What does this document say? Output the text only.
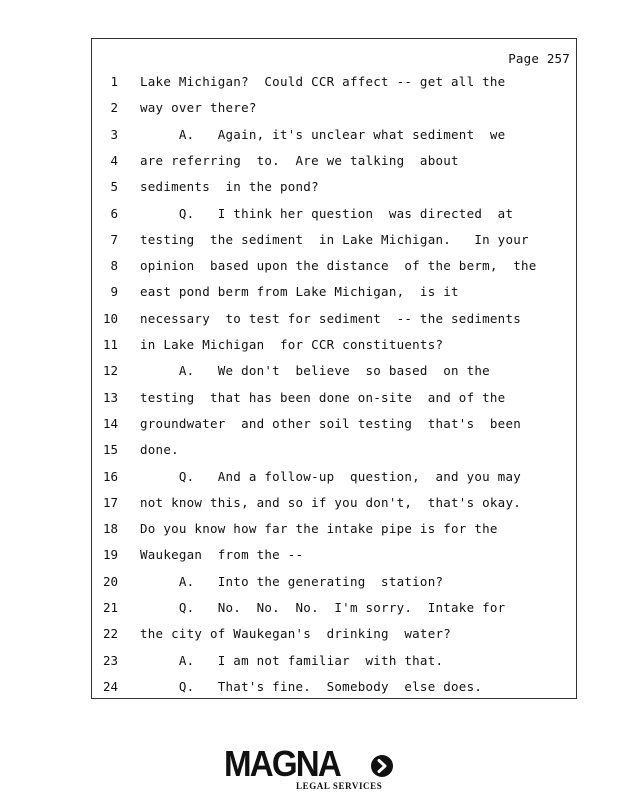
Page 257
1 Lake Michigan?  Could CCR affect -- get all the
2 way over there?
3 A.   Again, it's unclear what sediment  we
4 are referring  to.  Are we talking  about
5 sediments  in the pond?
6 Q.   I think her question  was directed  at
7 testing  the sediment  in Lake Michigan.   In your
8 opinion  based upon the distance  of the berm,  the
9 east pond berm from Lake Michigan,  is it
10 necessary  to test for sediment  -- the sediments
11 in Lake Michigan  for CCR constituents?
12 A.   We don't  believe  so based  on the
13 testing  that has been done on-site  and of the
14 groundwater  and other soil testing  that's  been
15 done.
16 Q.   And a follow-up  question,  and you may
17 not know this, and so if you don't,  that's okay.
18 Do you know how far the intake pipe is for the
19 Waukegan  from the --
20 A.   Into the generating  station?
21 Q.   No.  No.  No.  I'm sorry.  Intake for
22 the city of Waukegan's  drinking  water?
23 A.   I am not familiar  with that.
24 Q.   That's fine.  Somebody  else does.
MAGNA
LEGAL SERVICES
